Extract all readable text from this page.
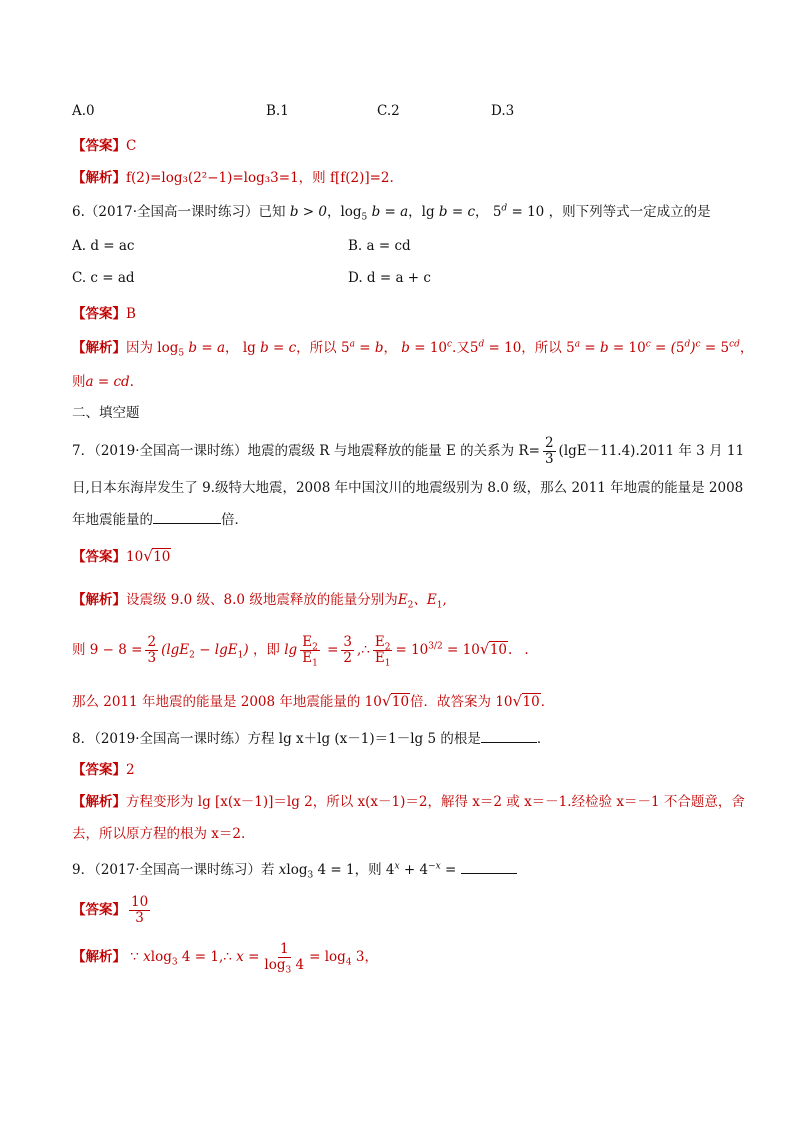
A.0	B.1	C.2	D.3
【答案】C
【解析】f(2)=log₃(2²−1)=log₃3=1，则 f[f(2)]=2.
6.（2017·全国高一课时练习）已知 b > 0，$\log_5 b = a$，lg b = c， $5^d = 10$ ，则下列等式一定成立的是
A. d = ac	B. a = cd
C. c = ad	D. d = a + c
【答案】B
【解析】因为 $\log_5 b = a$， lg b = c，所以 $5^a = b$， $b = 10^c$.又$5^d = 10$，所以 $5^a = b = 10^c = (5^d)^c = 5^{cd}$，
则a = cd.
二、填空题
7．（2019·全国高一课时练）地震的震级 R 与地震释放的能量 E 的关系为 $R= \frac{2}{3} (\lg E-11.4).2011$ 年 3 月 11
日,日本东海岸发生了 9.级特大地震，2008 年中国汶川的地震级别为 8.0 级，那么 2011 年地震的能量是 2008
年地震能量的	倍．
【答案】10√ 10
【解析】设震级 9.0 级、8.0 级地震释放的能量分别为$E_2$、$E_1$,
则 $9 - 8 = \frac{2}{3} (\lg E_2 - \lg E_1)$ ，即 $\lg \frac{E_2}{E_1} = \frac{3}{2}$ ,∴ $\frac{E_2}{E_1} = 10^{3/2} = 10√$ 10. .
那么 2011 年地震的能量是 2008 年地震能量的 10√ 10倍．故答案为 10√ 10．
8．（2019·全国高一课时练）方程 lg x＋lg (x－1)＝1－lg 5 的根是	．
【答案】2
【解析】方程变形为 lg [x(x－1)]＝lg 2，所以 x(x－1)＝2，解得 x＝2 或 x＝－1.经检验 x＝－1 不合题意，舍
去，所以原方程的根为 x＝2.
9．（2017·全国高一课时练习）若 xlog$_3$ 4 = 1，则 $4^x + 4^{-x}$ =
【答案】 $\frac{10}{3}$
【解析】 ∵ xlog$_3$ 4 = 1,∴ $x = \frac{1}{\log_3 4} = \log_4 3$，
